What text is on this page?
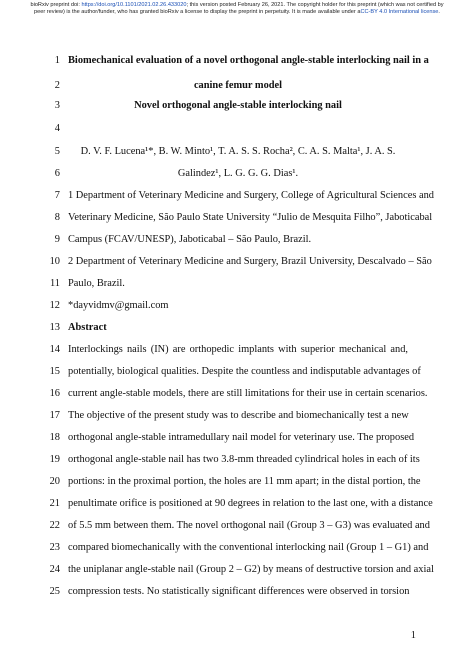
bioRxiv preprint doi: https://doi.org/10.1101/2021.02.26.433020; this version posted February 26, 2021. The copyright holder for this preprint (which was not certified by peer review) is the author/funder, who has granted bioRxiv a license to display the preprint in perpetuity. It is made available under aCC-BY 4.0 International license.
1 Biomechanical evaluation of a novel orthogonal angle-stable interlocking nail in a
2	canine femur model
3	Novel orthogonal angle-stable interlocking nail
4
5	D. V. F. Lucena¹*, B. W. Minto¹, T. A. S. S. Rocha², C. A. S. Malta¹, J. A. S.
6	Galindez¹, L. G. G. G. Dias¹.
7 1 Department of Veterinary Medicine and Surgery, College of Agricultural Sciences and
8 Veterinary Medicine, São Paulo State University “Julio de Mesquita Filho”, Jaboticabal
9 Campus (FCAV/UNESP), Jaboticabal – São Paulo, Brazil.
10 2 Department of Veterinary Medicine and Surgery, Brazil University, Descalvado – São
11 Paulo, Brazil.
12 *dayvidmv@gmail.com
13 Abstract
14 Interlockings nails (IN) are orthopedic implants with superior mechanical and,
15 potentially, biological qualities. Despite the countless and indisputable advantages of
16 current angle-stable models, there are still limitations for their use in certain scenarios.
17 The objective of the present study was to describe and biomechanically test a new
18 orthogonal angle-stable intramedullary nail model for veterinary use. The proposed
19 orthogonal angle-stable nail has two 3.8-mm threaded cylindrical holes in each of its
20 portions: in the proximal portion, the holes are 11 mm apart; in the distal portion, the
21 penultimate orifice is positioned at 90 degrees in relation to the last one, with a distance
22 of 5.5 mm between them. The novel orthogonal nail (Group 3 – G3) was evaluated and
23 compared biomechanically with the conventional interlocking nail (Group 1 – G1) and
24 the uniplanar angle-stable nail (Group 2 – G2) by means of destructive torsion and axial
25 compression tests. No statistically significant differences were observed in torsion
1
